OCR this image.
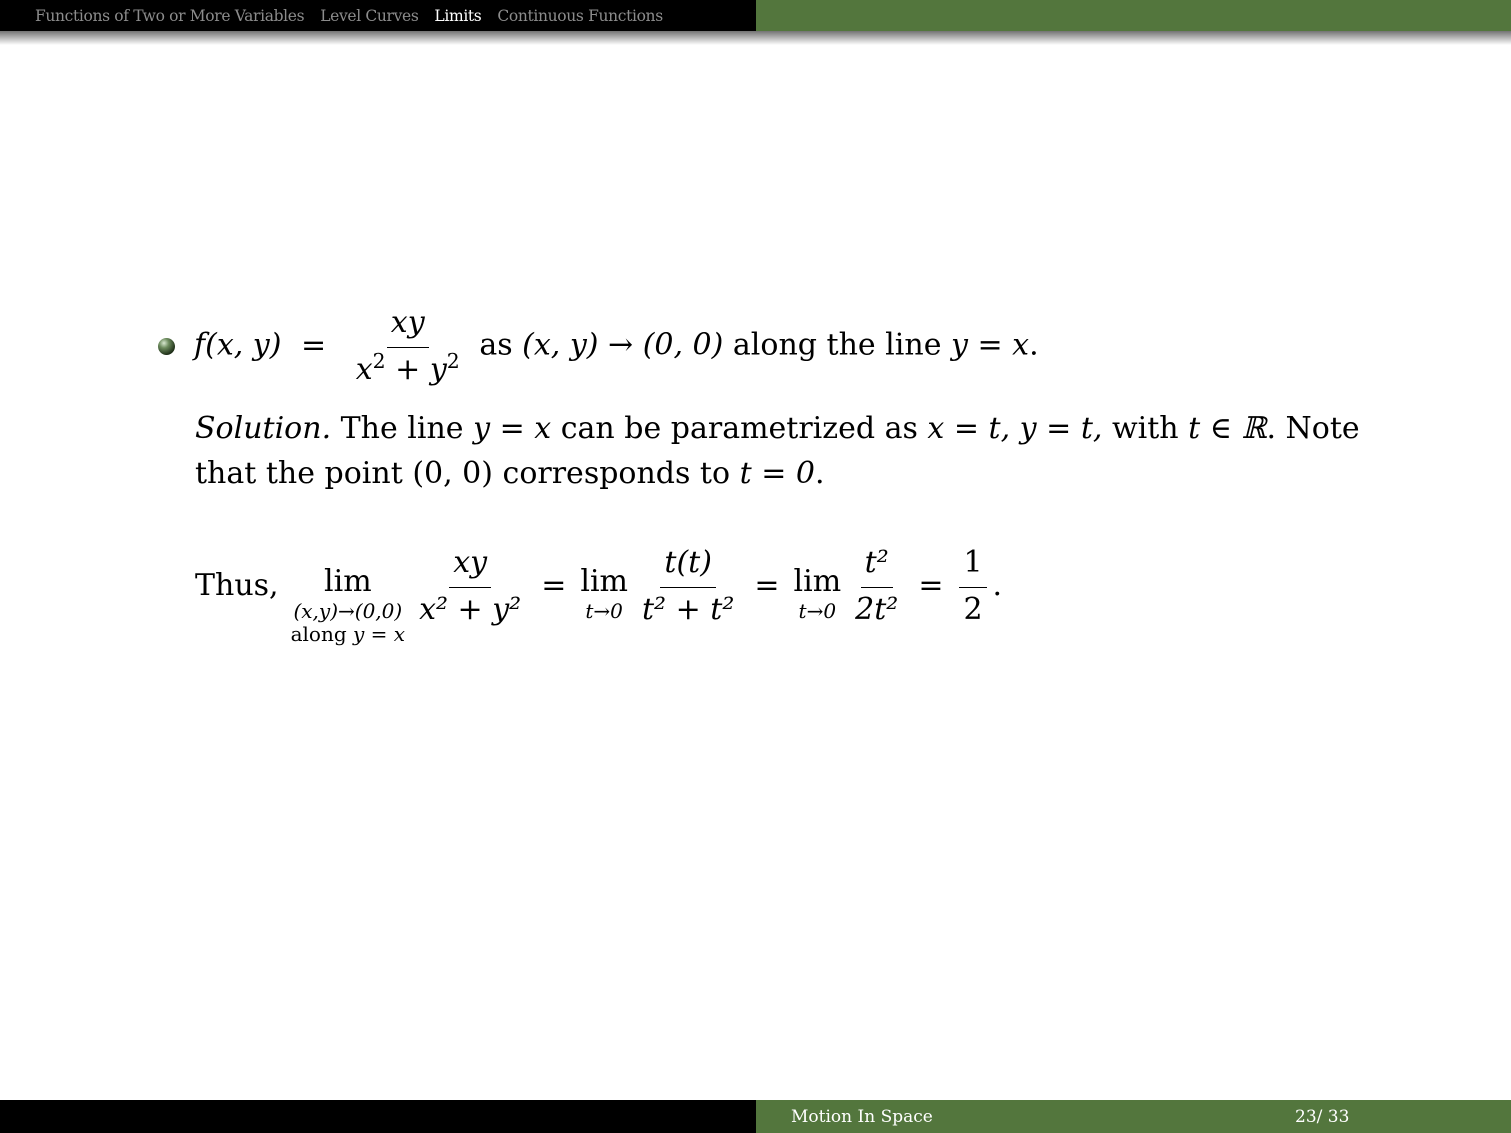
Functions of Two or More Variables Level Curves Limits Continuous Functions
f(x, $y) = \frac{xy}{x^2 + y^2}$ as (x, y) → (0, 0) along the line y = x.
Solution. The line y = x can be parametrized as x = t, y = t, with t ∈ ℝ. Note that the point (0, 0) corresponds to t = 0.
Thus, lim
(x,y)→(0,0)
along y = x
$\frac{xy}{\text{x² + y²}} = \lim$
$t\to 0 \frac{t(t)}{\text{t² + t²}} = \lim$
$t\to 0 \frac{\text{t²}}{\text{2t²}} = \frac{1}{2}$ .
Motion In Space	23/ 33
